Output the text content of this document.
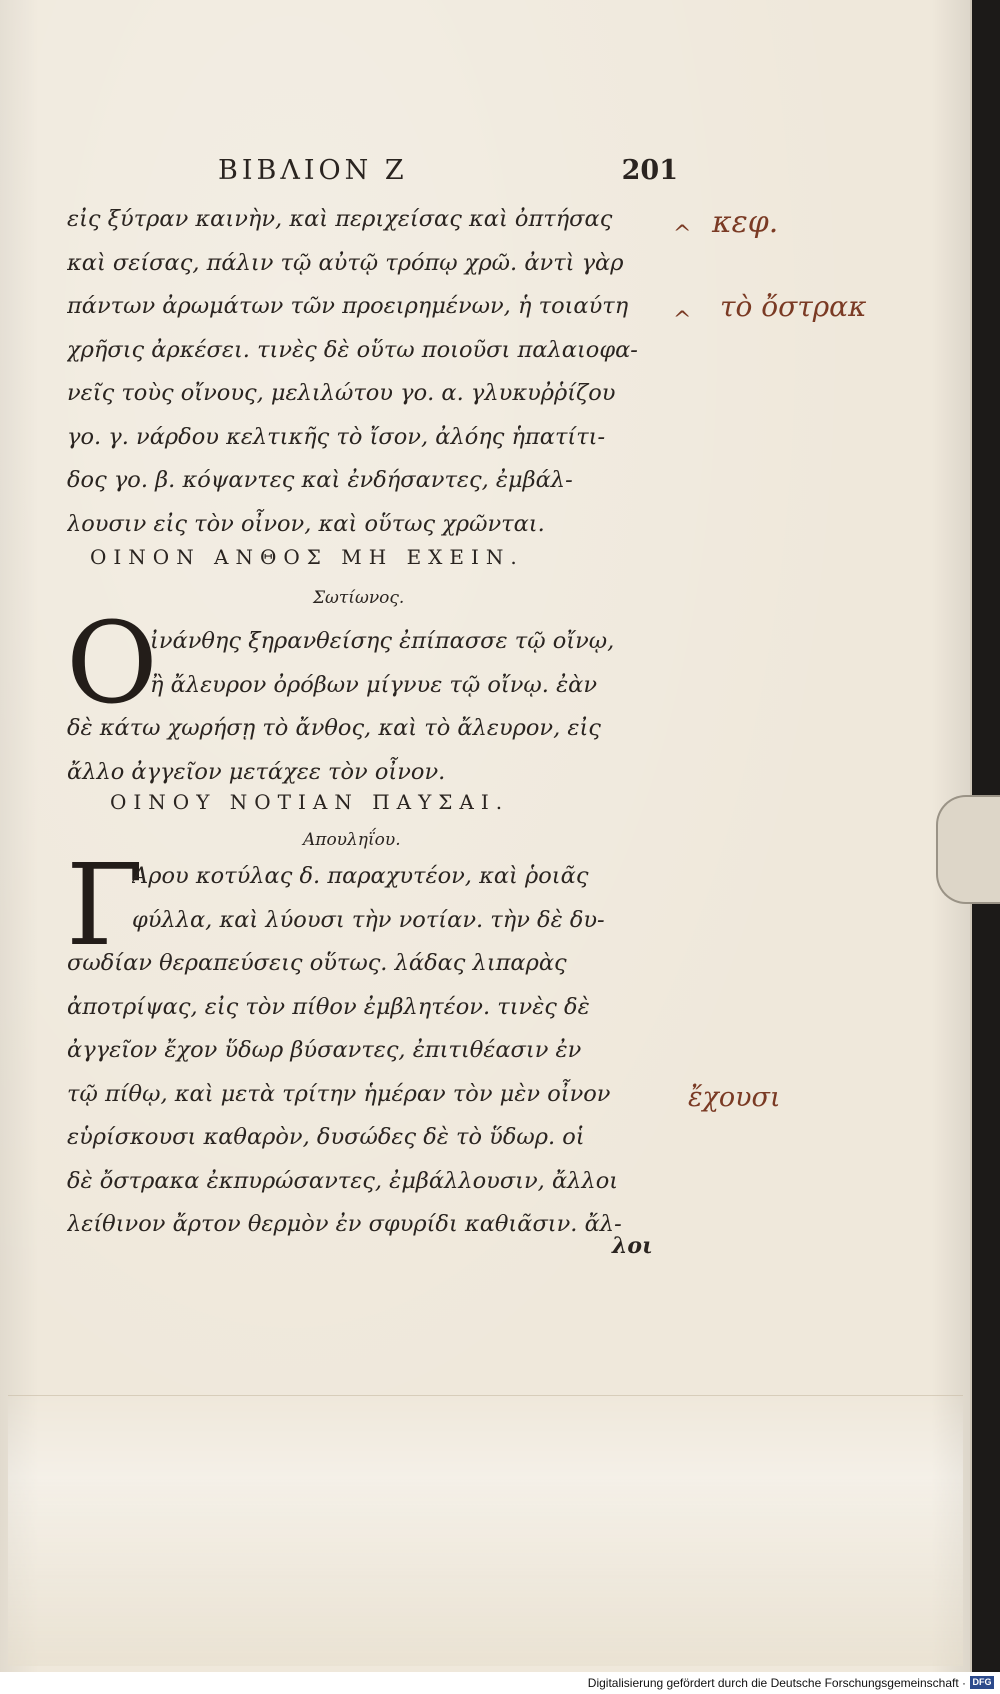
ΒΙΒΛΙΟΝ Ζ	201
εἰς ξύτραν καινὴν, καὶ περιχείσας καὶ ὀπτήσας
καὶ σείσας, πάλιν τῷ αὐτῷ τρόπῳ χρῶ. ἀντὶ γὰρ
πάντων ἀρωμάτων τῶν προειρημένων, ἡ τοιαύτη
χρῆσις ἀρκέσει. τινὲς δὲ οὕτω ποιοῦσι παλαιοφα-
νεῖς τοὺς οἴνους, μελιλώτου γο. α. γλυκυῤῥίζου
γο. γ. νάρδου κελτικῆς τὸ ἴσον, ἀλόης ἡπατίτι-
δος γο. β. κόψαντες καὶ ἐνδήσαντες, ἐμβάλ-
λουσιν εἰς τὸν οἶνον, καὶ οὕτως χρῶνται.
ΟΙΝΟΝ ΑΝΘΟΣ ΜΗ ΕΧΕΙΝ.
Σωτίωνος.
Ο
ἰνάνθης ξηρανθείσης ἐπίπασσε τῷ οἴνῳ,
ἢ ἄλευρον ὀρόβων μίγνυε τῷ οἴνῳ. ἐὰν
δὲ κάτω χωρήσῃ τὸ ἄνθος, καὶ τὸ ἄλευρον, εἰς
ἄλλο ἀγγεῖον μετάχεε τὸν οἶνον.
ΟΙΝΟΥ ΝΟΤΙΑΝ ΠΑΥΣΑΙ.
Απουληΐου.
Γ
Αρου κοτύλας δ. παραχυτέον, καὶ ῥοιᾶς
φύλλα, καὶ λύουσι τὴν νοτίαν. τὴν δὲ δυ-
σωδίαν θεραπεύσεις οὕτως. λάδας λιπαρὰς
ἀποτρίψας, εἰς τὸν πίθον ἐμβλητέον. τινὲς δὲ
ἀγγεῖον ἔχον ὕδωρ βύσαντες, ἐπιτιθέασιν ἐν
τῷ πίθῳ, καὶ μετὰ τρίτην ἡμέραν τὸν μὲν οἶνον
εὑρίσκουσι καθαρὸν, δυσώδες δὲ τὸ ὕδωρ. οἱ
δὲ ὄστρακα ἐκπυρώσαντες, ἐμβάλλουσιν, ἄλλοι
λείθινον ἄρτον θερμὸν ἐν σφυρίδι καθιᾶσιν. ἄλ-
λοι
^
^
κεφ.
τὸ ὄστρακ
ἔχουσι
Digitalisierung gefördert durch die Deutsche Forschungsgemeinschaft · DFG
